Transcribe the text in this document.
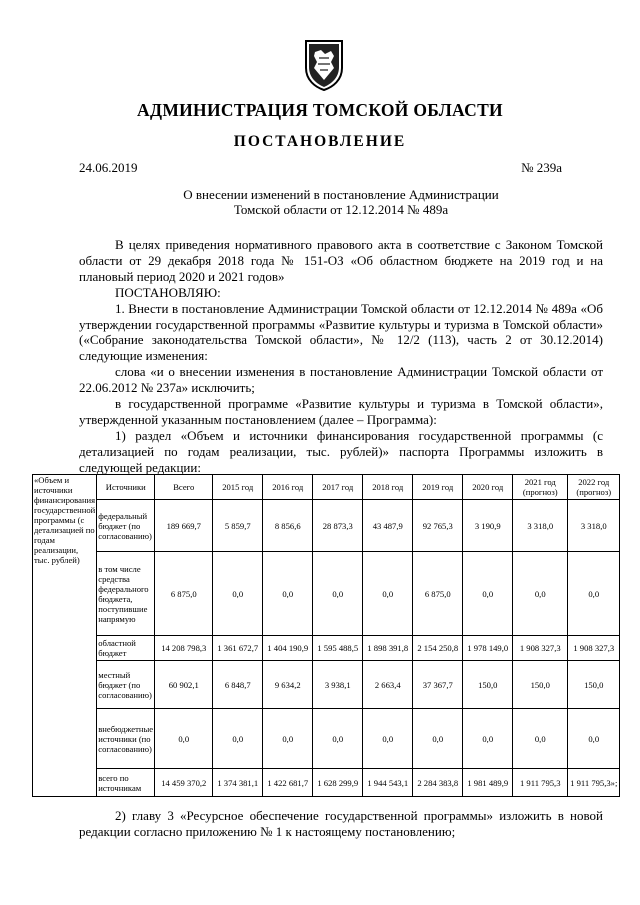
АДМИНИСТРАЦИЯ ТОМСКОЙ ОБЛАСТИ
ПОСТАНОВЛЕНИЕ
24.06.2019	№ 239а
О внесении изменений в постановление Администрации
Томской области от 12.12.2014 № 489а

В целях приведения нормативного правового акта в соответствие с Законом Томской области от 29 декабря 2018 года № 151-ОЗ «Об областном бюджете на 2019 год и на плановый период 2020 и 2021 годов»

ПОСТАНОВЛЯЮ:

1. Внести в постановление Администрации Томской области от 12.12.2014 № 489а «Об утверждении государственной программы «Развитие культуры и туризма в Томской области» («Собрание законодательства Томской области», № 12/2 (113), часть 2 от 30.12.2014) следующие изменения:

слова «и о внесении изменения в постановление Администрации Томской области от 22.06.2012 № 237а» исключить;

в государственной программе «Развитие культуры и туризма в Томской области», утвержденной указанным постановлением (далее – Программа):

1) раздел «Объем и источники финансирования государственной программы (с детализацией по годам реализации, тыс. рублей)» паспорта Программы изложить в следующей редакции:

«Объем и источники финансирования государственной программы (с детализацией по годам реализации, тыс. рублей)	Источники	Всего	2015 год	2016 год	2017 год	2018 год	2019 год	2020 год	2021 год (прогноз)	2022 год (прогноз)
	федеральный бюджет (по согласованию)	189 669,7	5 859,7	8 856,6	28 873,3	43 487,9	92 765,3	3 190,9	3 318,0	3 318,0
	в том числе средства федерального бюджета, поступившие напрямую	6 875,0	0,0	0,0	0,0	0,0	6 875,0	0,0	0,0	0,0
	областной бюджет	14 208 798,3	1 361 672,7	1 404 190,9	1 595 488,5	1 898 391,8	2 154 250,8	1 978 149,0	1 908 327,3	1 908 327,3
	местный бюджет (по согласованию)	60 902,1	6 848,7	9 634,2	3 938,1	2 663,4	37 367,7	150,0	150,0	150,0
	внебюджетные источники (по согласованию)	0,0	0,0	0,0	0,0	0,0	0,0	0,0	0,0	0,0
	всего по источникам	14 459 370,2	1 374 381,1	1 422 681,7	1 628 299,9	1 944 543,1	2 284 383,8	1 981 489,9	1 911 795,3	1 911 795,3»;

2) главу 3 «Ресурсное обеспечение государственной программы» изложить в новой редакции согласно приложению № 1 к настоящему постановлению;
